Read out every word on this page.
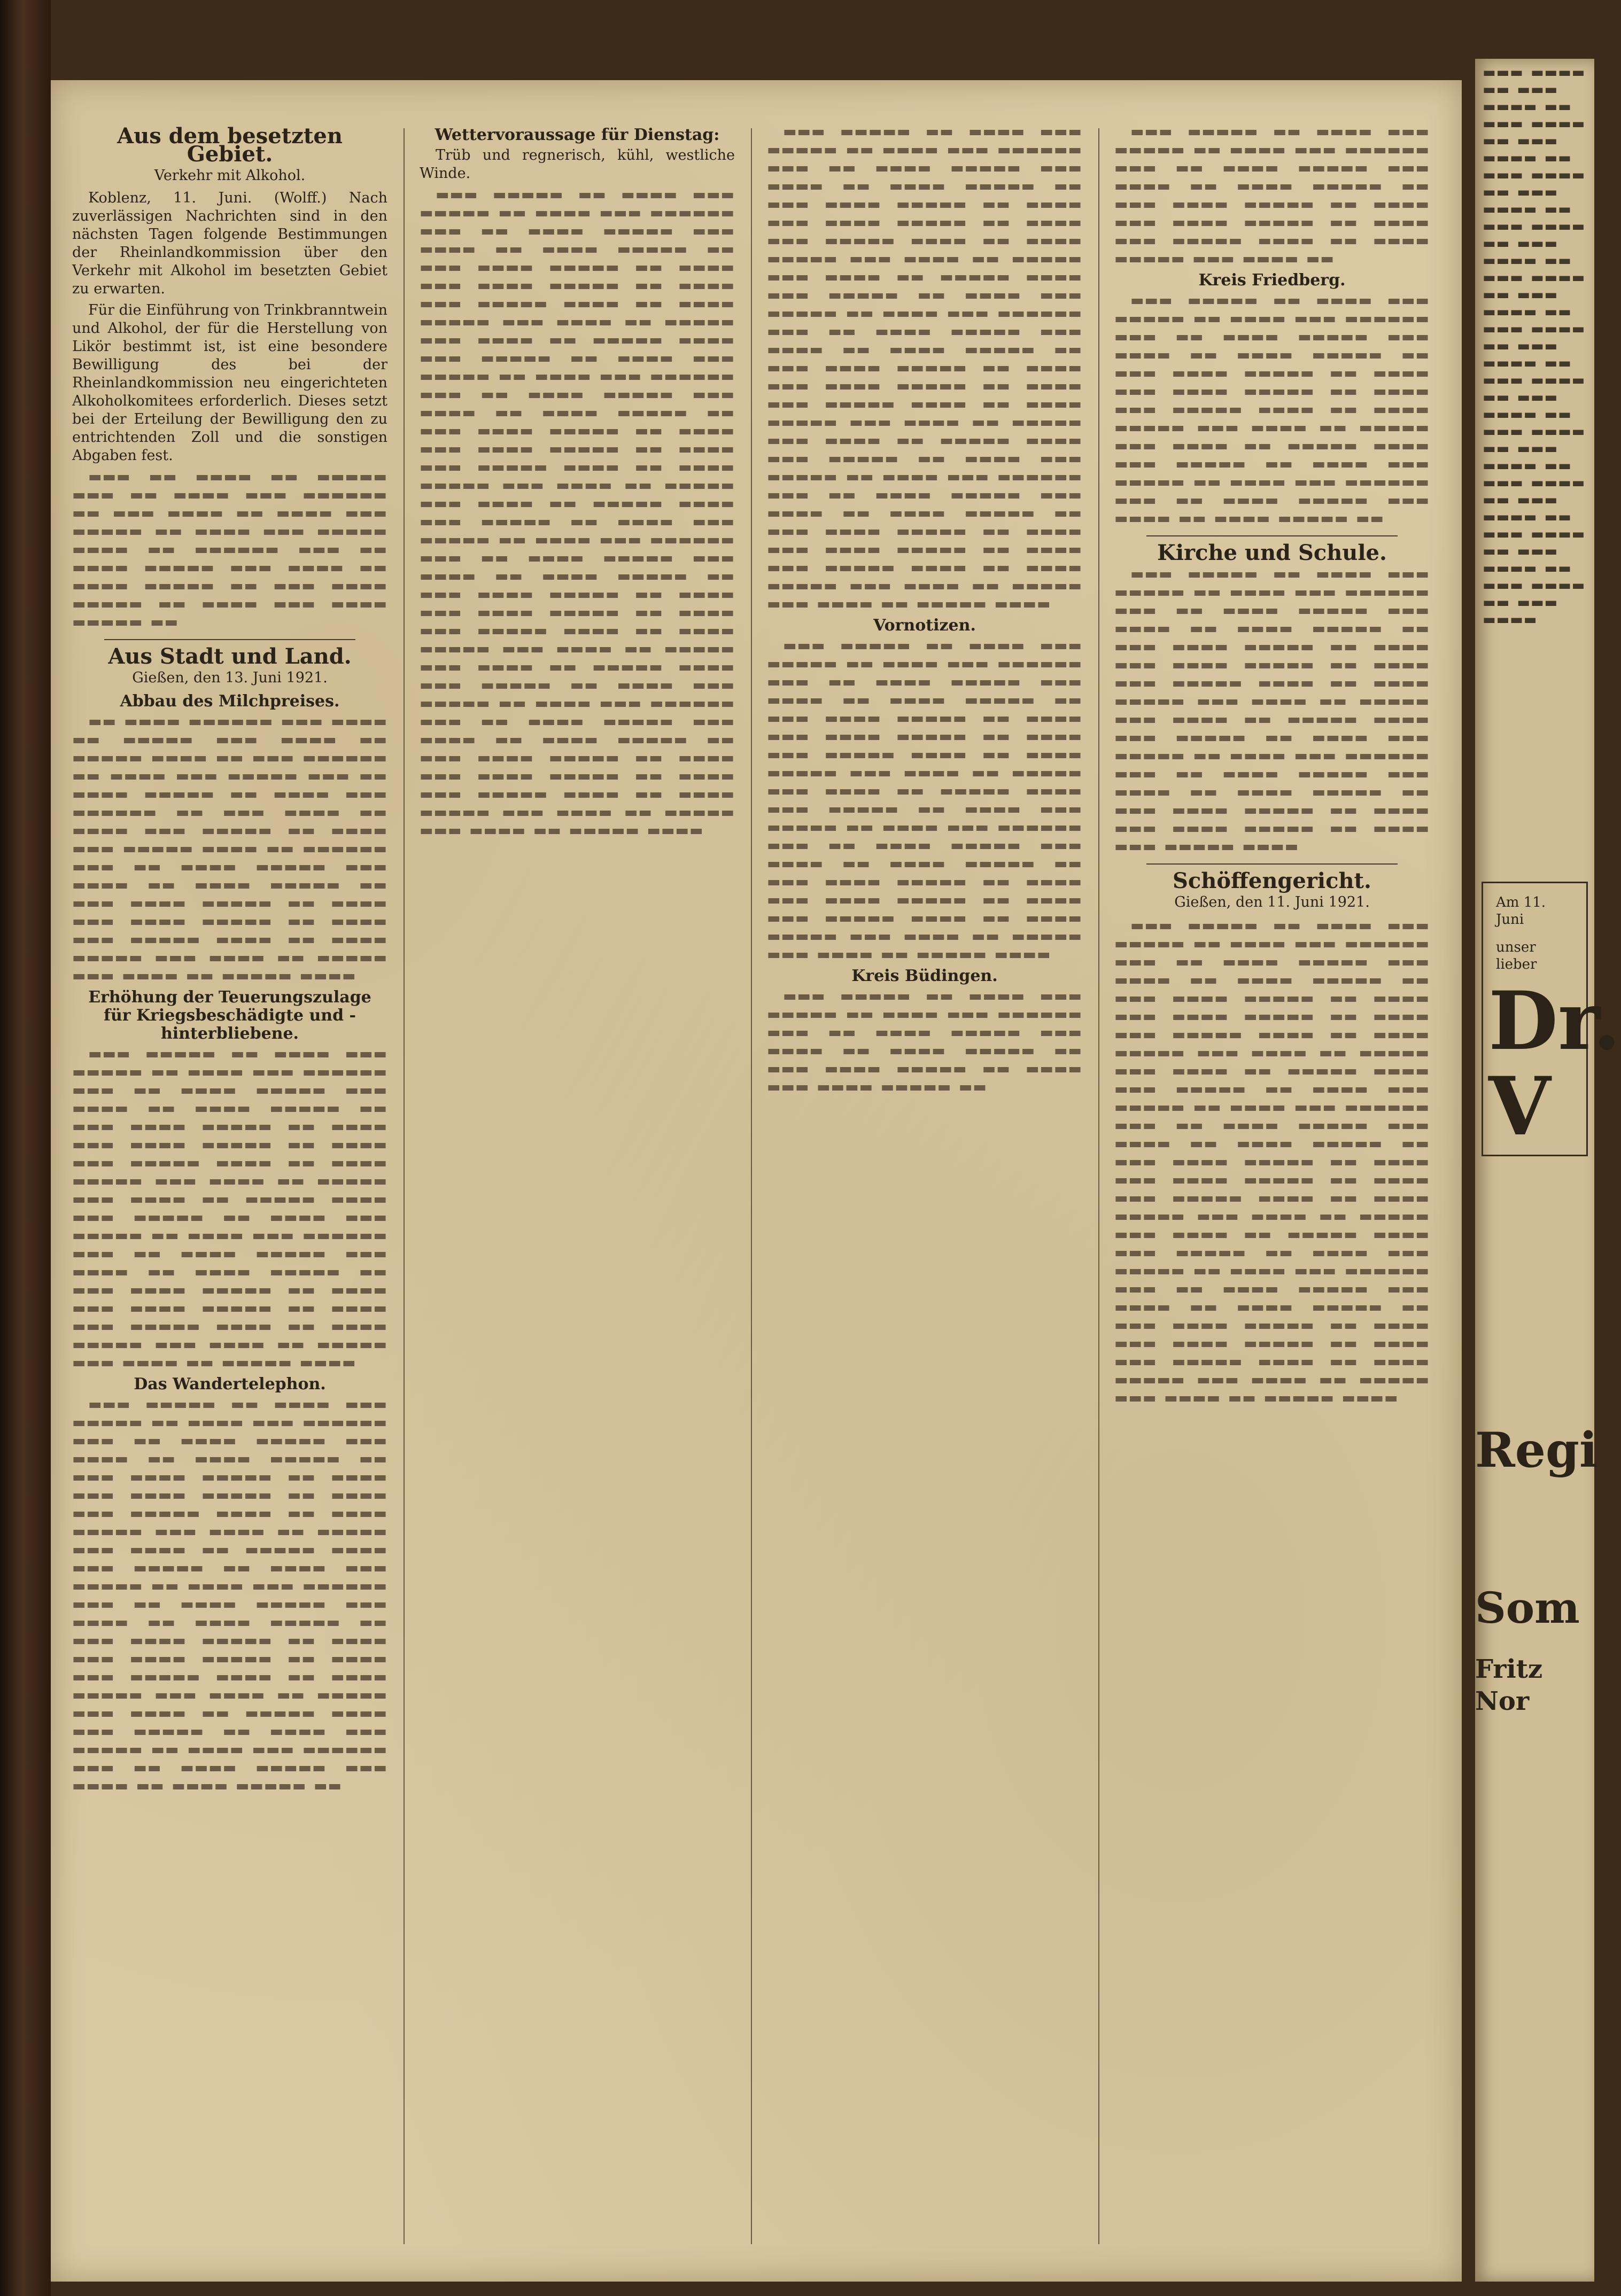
Aus dem besetzten Gebiet.
Verkehr mit Alkohol.

Koblenz, 11. Juni. (Wolff.) Nach zuverlässigen Nachrichten sind in den nächsten Tagen folgende Bestimmungen der Rheinlandkommission über den Verkehr mit Alkohol im besetzten Gebiet zu erwarten.

Für die Einführung von Trinkbranntwein und Alkohol, der für die Herstellung von Likör bestimmt ist, ist eine besondere Bewilligung des bei der Rheinlandkommission neu eingerichteten Alkoholkomitees erforderlich. Dieses setzt bei der Erteilung der Bewilligung den zu entrichtenden Zoll und die sonstigen Abgaben fest.

▬▬▬ ▬▬ ▬▬▬▬ ▬▬ ▬▬▬▬▬ ▬▬▬ ▬▬ ▬▬▬▬ ▬▬▬ ▬▬▬▬▬▬ ▬▬ ▬▬▬ ▬▬▬▬ ▬▬ ▬▬▬▬ ▬▬▬ ▬▬▬▬▬ ▬▬ ▬▬▬▬ ▬▬▬ ▬▬▬▬▬ ▬▬▬▬ ▬▬ ▬▬▬▬▬▬ ▬▬▬ ▬▬ ▬▬▬▬ ▬▬▬▬▬ ▬▬▬ ▬▬▬▬ ▬▬ ▬▬▬▬ ▬▬▬▬▬ ▬▬ ▬▬▬ ▬▬▬▬ ▬▬▬▬▬ ▬▬ ▬▬▬▬ ▬▬▬ ▬▬▬▬ ▬▬▬▬▬ ▬▬

Aus Stadt und Land.
Gießen, den 13. Juni 1921.
Abbau des Milchpreises.

▬▬ ▬▬▬▬ ▬▬▬▬▬▬ ▬▬▬ ▬▬▬▬ ▬▬ ▬▬▬▬▬ ▬▬▬ ▬▬▬▬ ▬▬ ▬▬▬▬▬ ▬▬▬▬ ▬▬ ▬▬▬ ▬▬▬▬▬▬ ▬▬ ▬▬▬▬ ▬▬▬ ▬▬▬▬▬ ▬▬▬ ▬▬ ▬▬▬▬ ▬▬▬▬▬ ▬▬ ▬▬▬▬ ▬▬▬ ▬▬▬▬▬▬ ▬▬ ▬▬▬ ▬▬▬▬ ▬▬ ▬▬▬▬ ▬▬▬ ▬▬▬▬▬ ▬▬ ▬▬▬▬ ▬▬▬ ▬▬▬▬▬ ▬▬▬▬ ▬▬ ▬▬▬▬▬▬ ▬▬▬ ▬▬ ▬▬▬▬ ▬▬▬▬▬ ▬▬▬ ▬▬▬▬ ▬▬ ▬▬▬▬ ▬▬▬▬▬ ▬▬ ▬▬▬ ▬▬▬▬ ▬▬▬▬▬ ▬▬ ▬▬▬▬ ▬▬▬ ▬▬▬▬ ▬▬▬▬▬ ▬▬ ▬▬▬▬ ▬▬▬ ▬▬▬▬▬ ▬▬▬▬ ▬▬ ▬▬▬▬ ▬▬▬▬▬ ▬▬▬ ▬▬▬▬ ▬▬ ▬▬▬▬▬ ▬▬▬ ▬▬▬▬ ▬▬ ▬▬▬▬▬ ▬▬▬▬

Erhöhung der Teuerungszulage für Kriegsbeschädigte und -hinterbliebene.

▬▬▬ ▬▬▬▬▬ ▬▬ ▬▬▬▬ ▬▬▬ ▬▬▬▬▬ ▬▬ ▬▬▬▬ ▬▬▬ ▬▬▬▬▬▬ ▬▬▬ ▬▬ ▬▬▬▬ ▬▬▬▬▬ ▬▬▬ ▬▬▬▬ ▬▬ ▬▬▬▬ ▬▬▬▬▬ ▬▬ ▬▬▬ ▬▬▬▬ ▬▬▬▬▬ ▬▬ ▬▬▬▬ ▬▬▬ ▬▬▬▬ ▬▬▬▬▬ ▬▬ ▬▬▬▬ ▬▬▬ ▬▬▬▬▬ ▬▬▬▬ ▬▬ ▬▬▬▬ ▬▬▬▬▬ ▬▬▬ ▬▬▬▬ ▬▬ ▬▬▬▬▬ ▬▬▬ ▬▬▬▬ ▬▬ ▬▬▬▬▬ ▬▬▬▬ ▬▬▬ ▬▬▬▬▬ ▬▬ ▬▬▬▬ ▬▬▬ ▬▬▬▬▬ ▬▬ ▬▬▬▬ ▬▬▬ ▬▬▬▬▬▬ ▬▬▬ ▬▬ ▬▬▬▬ ▬▬▬▬▬ ▬▬▬ ▬▬▬▬ ▬▬ ▬▬▬▬ ▬▬▬▬▬ ▬▬ ▬▬▬ ▬▬▬▬ ▬▬▬▬▬ ▬▬ ▬▬▬▬ ▬▬▬ ▬▬▬▬ ▬▬▬▬▬ ▬▬ ▬▬▬▬ ▬▬▬ ▬▬▬▬▬ ▬▬▬▬ ▬▬ ▬▬▬▬ ▬▬▬▬▬ ▬▬▬ ▬▬▬▬ ▬▬ ▬▬▬▬▬ ▬▬▬ ▬▬▬▬ ▬▬ ▬▬▬▬▬ ▬▬▬▬

Das Wandertelephon.

▬▬▬ ▬▬▬▬▬ ▬▬ ▬▬▬▬ ▬▬▬ ▬▬▬▬▬ ▬▬ ▬▬▬▬ ▬▬▬ ▬▬▬▬▬▬ ▬▬▬ ▬▬ ▬▬▬▬ ▬▬▬▬▬ ▬▬▬ ▬▬▬▬ ▬▬ ▬▬▬▬ ▬▬▬▬▬ ▬▬ ▬▬▬ ▬▬▬▬ ▬▬▬▬▬ ▬▬ ▬▬▬▬ ▬▬▬ ▬▬▬▬ ▬▬▬▬▬ ▬▬ ▬▬▬▬ ▬▬▬ ▬▬▬▬▬ ▬▬▬▬ ▬▬ ▬▬▬▬ ▬▬▬▬▬ ▬▬▬ ▬▬▬▬ ▬▬ ▬▬▬▬▬ ▬▬▬ ▬▬▬▬ ▬▬ ▬▬▬▬▬ ▬▬▬▬ ▬▬▬ ▬▬▬▬▬ ▬▬ ▬▬▬▬ ▬▬▬ ▬▬▬▬▬ ▬▬ ▬▬▬▬ ▬▬▬ ▬▬▬▬▬▬ ▬▬▬ ▬▬ ▬▬▬▬ ▬▬▬▬▬ ▬▬▬ ▬▬▬▬ ▬▬ ▬▬▬▬ ▬▬▬▬▬ ▬▬ ▬▬▬ ▬▬▬▬ ▬▬▬▬▬ ▬▬ ▬▬▬▬ ▬▬▬ ▬▬▬▬ ▬▬▬▬▬ ▬▬ ▬▬▬▬ ▬▬▬ ▬▬▬▬▬ ▬▬▬▬ ▬▬ ▬▬▬▬ ▬▬▬▬▬ ▬▬▬ ▬▬▬▬ ▬▬ ▬▬▬▬▬ ▬▬▬ ▬▬▬▬ ▬▬ ▬▬▬▬▬ ▬▬▬▬ ▬▬▬ ▬▬▬▬▬ ▬▬ ▬▬▬▬ ▬▬▬ ▬▬▬▬▬ ▬▬ ▬▬▬▬ ▬▬▬ ▬▬▬▬▬▬ ▬▬▬ ▬▬ ▬▬▬▬ ▬▬▬▬▬ ▬▬▬ ▬▬▬▬ ▬▬ ▬▬▬▬ ▬▬▬▬▬ ▬▬

Wettervoraussage für Dienstag:

Trüb und regnerisch, kühl, westliche Winde.

▬▬▬ ▬▬▬▬▬ ▬▬ ▬▬▬▬ ▬▬▬ ▬▬▬▬▬ ▬▬ ▬▬▬▬ ▬▬▬ ▬▬▬▬▬▬ ▬▬▬ ▬▬ ▬▬▬▬ ▬▬▬▬▬ ▬▬▬ ▬▬▬▬ ▬▬ ▬▬▬▬ ▬▬▬▬▬ ▬▬ ▬▬▬ ▬▬▬▬ ▬▬▬▬▬ ▬▬ ▬▬▬▬ ▬▬▬ ▬▬▬▬ ▬▬▬▬▬ ▬▬ ▬▬▬▬ ▬▬▬ ▬▬▬▬▬ ▬▬▬▬ ▬▬ ▬▬▬▬ ▬▬▬▬▬ ▬▬▬ ▬▬▬▬ ▬▬ ▬▬▬▬▬ ▬▬▬ ▬▬▬▬ ▬▬ ▬▬▬▬▬ ▬▬▬▬ ▬▬▬ ▬▬▬▬▬ ▬▬ ▬▬▬▬ ▬▬▬ ▬▬▬▬▬ ▬▬ ▬▬▬▬ ▬▬▬ ▬▬▬▬▬▬ ▬▬▬ ▬▬ ▬▬▬▬ ▬▬▬▬▬ ▬▬▬ ▬▬▬▬ ▬▬ ▬▬▬▬ ▬▬▬▬▬ ▬▬ ▬▬▬ ▬▬▬▬ ▬▬▬▬▬ ▬▬ ▬▬▬▬ ▬▬▬ ▬▬▬▬ ▬▬▬▬▬ ▬▬ ▬▬▬▬ ▬▬▬ ▬▬▬▬▬ ▬▬▬▬ ▬▬ ▬▬▬▬ ▬▬▬▬▬ ▬▬▬ ▬▬▬▬ ▬▬ ▬▬▬▬▬ ▬▬▬ ▬▬▬▬ ▬▬ ▬▬▬▬▬ ▬▬▬▬ ▬▬▬ ▬▬▬▬▬ ▬▬ ▬▬▬▬ ▬▬▬ ▬▬▬▬▬ ▬▬ ▬▬▬▬ ▬▬▬ ▬▬▬▬▬▬ ▬▬▬ ▬▬ ▬▬▬▬ ▬▬▬▬▬ ▬▬▬ ▬▬▬▬ ▬▬ ▬▬▬▬ ▬▬▬▬▬ ▬▬ ▬▬▬ ▬▬▬▬ ▬▬▬▬▬ ▬▬ ▬▬▬▬ ▬▬▬ ▬▬▬▬ ▬▬▬▬▬ ▬▬ ▬▬▬▬ ▬▬▬ ▬▬▬▬▬ ▬▬▬▬ ▬▬ ▬▬▬▬ ▬▬▬▬▬ ▬▬▬ ▬▬▬▬ ▬▬ ▬▬▬▬▬ ▬▬▬ ▬▬▬▬ ▬▬ ▬▬▬▬▬ ▬▬▬▬ ▬▬▬ ▬▬▬▬▬ ▬▬ ▬▬▬▬ ▬▬▬ ▬▬▬▬▬ ▬▬ ▬▬▬▬ ▬▬▬ ▬▬▬▬▬▬ ▬▬▬ ▬▬ ▬▬▬▬ ▬▬▬▬▬ ▬▬▬ ▬▬▬▬ ▬▬ ▬▬▬▬ ▬▬▬▬▬ ▬▬ ▬▬▬ ▬▬▬▬ ▬▬▬▬▬ ▬▬ ▬▬▬▬ ▬▬▬ ▬▬▬▬ ▬▬▬▬▬ ▬▬ ▬▬▬▬ ▬▬▬ ▬▬▬▬▬ ▬▬▬▬ ▬▬ ▬▬▬▬ ▬▬▬▬▬ ▬▬▬ ▬▬▬▬ ▬▬ ▬▬▬▬▬ ▬▬▬ ▬▬▬▬ ▬▬ ▬▬▬▬▬ ▬▬▬▬

▬▬▬ ▬▬▬▬▬ ▬▬ ▬▬▬▬ ▬▬▬ ▬▬▬▬▬ ▬▬ ▬▬▬▬ ▬▬▬ ▬▬▬▬▬▬ ▬▬▬ ▬▬ ▬▬▬▬ ▬▬▬▬▬ ▬▬▬ ▬▬▬▬ ▬▬ ▬▬▬▬ ▬▬▬▬▬ ▬▬ ▬▬▬ ▬▬▬▬ ▬▬▬▬▬ ▬▬ ▬▬▬▬ ▬▬▬ ▬▬▬▬ ▬▬▬▬▬ ▬▬ ▬▬▬▬ ▬▬▬ ▬▬▬▬▬ ▬▬▬▬ ▬▬ ▬▬▬▬ ▬▬▬▬▬ ▬▬▬ ▬▬▬▬ ▬▬ ▬▬▬▬▬ ▬▬▬ ▬▬▬▬ ▬▬ ▬▬▬▬▬ ▬▬▬▬ ▬▬▬ ▬▬▬▬▬ ▬▬ ▬▬▬▬ ▬▬▬ ▬▬▬▬▬ ▬▬ ▬▬▬▬ ▬▬▬ ▬▬▬▬▬▬ ▬▬▬ ▬▬ ▬▬▬▬ ▬▬▬▬▬ ▬▬▬ ▬▬▬▬ ▬▬ ▬▬▬▬ ▬▬▬▬▬ ▬▬ ▬▬▬ ▬▬▬▬ ▬▬▬▬▬ ▬▬ ▬▬▬▬ ▬▬▬ ▬▬▬▬ ▬▬▬▬▬ ▬▬ ▬▬▬▬ ▬▬▬ ▬▬▬▬▬ ▬▬▬▬ ▬▬ ▬▬▬▬ ▬▬▬▬▬ ▬▬▬ ▬▬▬▬ ▬▬ ▬▬▬▬▬ ▬▬▬ ▬▬▬▬ ▬▬ ▬▬▬▬▬ ▬▬▬▬ ▬▬▬ ▬▬▬▬▬ ▬▬ ▬▬▬▬ ▬▬▬ ▬▬▬▬▬ ▬▬ ▬▬▬▬ ▬▬▬ ▬▬▬▬▬▬ ▬▬▬ ▬▬ ▬▬▬▬ ▬▬▬▬▬ ▬▬▬ ▬▬▬▬ ▬▬ ▬▬▬▬ ▬▬▬▬▬ ▬▬ ▬▬▬ ▬▬▬▬ ▬▬▬▬▬ ▬▬ ▬▬▬▬ ▬▬▬ ▬▬▬▬ ▬▬▬▬▬ ▬▬ ▬▬▬▬ ▬▬▬ ▬▬▬▬▬ ▬▬▬▬ ▬▬ ▬▬▬▬ ▬▬▬▬▬ ▬▬▬ ▬▬▬▬ ▬▬ ▬▬▬▬▬ ▬▬▬ ▬▬▬▬ ▬▬ ▬▬▬▬▬ ▬▬▬▬

Vornotizen.

▬▬▬ ▬▬▬▬▬ ▬▬ ▬▬▬▬ ▬▬▬ ▬▬▬▬▬ ▬▬ ▬▬▬▬ ▬▬▬ ▬▬▬▬▬▬ ▬▬▬ ▬▬ ▬▬▬▬ ▬▬▬▬▬ ▬▬▬ ▬▬▬▬ ▬▬ ▬▬▬▬ ▬▬▬▬▬ ▬▬ ▬▬▬ ▬▬▬▬ ▬▬▬▬▬ ▬▬ ▬▬▬▬ ▬▬▬ ▬▬▬▬ ▬▬▬▬▬ ▬▬ ▬▬▬▬ ▬▬▬ ▬▬▬▬▬ ▬▬▬▬ ▬▬ ▬▬▬▬ ▬▬▬▬▬ ▬▬▬ ▬▬▬▬ ▬▬ ▬▬▬▬▬ ▬▬▬ ▬▬▬▬ ▬▬ ▬▬▬▬▬ ▬▬▬▬ ▬▬▬ ▬▬▬▬▬ ▬▬ ▬▬▬▬ ▬▬▬ ▬▬▬▬▬ ▬▬ ▬▬▬▬ ▬▬▬ ▬▬▬▬▬▬ ▬▬▬ ▬▬ ▬▬▬▬ ▬▬▬▬▬ ▬▬▬ ▬▬▬▬ ▬▬ ▬▬▬▬ ▬▬▬▬▬ ▬▬ ▬▬▬ ▬▬▬▬ ▬▬▬▬▬ ▬▬ ▬▬▬▬ ▬▬▬ ▬▬▬▬ ▬▬▬▬▬ ▬▬ ▬▬▬▬ ▬▬▬ ▬▬▬▬▬ ▬▬▬▬ ▬▬ ▬▬▬▬ ▬▬▬▬▬ ▬▬▬ ▬▬▬▬ ▬▬ ▬▬▬▬▬ ▬▬▬ ▬▬▬▬ ▬▬ ▬▬▬▬▬ ▬▬▬▬

Kreis Büdingen.

▬▬▬ ▬▬▬▬▬ ▬▬ ▬▬▬▬ ▬▬▬ ▬▬▬▬▬ ▬▬ ▬▬▬▬ ▬▬▬ ▬▬▬▬▬▬ ▬▬▬ ▬▬ ▬▬▬▬ ▬▬▬▬▬ ▬▬▬ ▬▬▬▬ ▬▬ ▬▬▬▬ ▬▬▬▬▬ ▬▬ ▬▬▬ ▬▬▬▬ ▬▬▬▬▬ ▬▬ ▬▬▬▬ ▬▬▬ ▬▬▬▬ ▬▬▬▬▬ ▬▬

▬▬▬ ▬▬▬▬▬ ▬▬ ▬▬▬▬ ▬▬▬ ▬▬▬▬▬ ▬▬ ▬▬▬▬ ▬▬▬ ▬▬▬▬▬▬ ▬▬▬ ▬▬ ▬▬▬▬ ▬▬▬▬▬ ▬▬▬ ▬▬▬▬ ▬▬ ▬▬▬▬ ▬▬▬▬▬ ▬▬ ▬▬▬ ▬▬▬▬ ▬▬▬▬▬ ▬▬ ▬▬▬▬ ▬▬▬ ▬▬▬▬ ▬▬▬▬▬ ▬▬ ▬▬▬▬ ▬▬▬ ▬▬▬▬▬ ▬▬▬▬ ▬▬ ▬▬▬▬ ▬▬▬▬▬ ▬▬▬ ▬▬▬▬ ▬▬

Kreis Friedberg.

▬▬▬ ▬▬▬▬▬ ▬▬ ▬▬▬▬ ▬▬▬ ▬▬▬▬▬ ▬▬ ▬▬▬▬ ▬▬▬ ▬▬▬▬▬▬ ▬▬▬ ▬▬ ▬▬▬▬ ▬▬▬▬▬ ▬▬▬ ▬▬▬▬ ▬▬ ▬▬▬▬ ▬▬▬▬▬ ▬▬ ▬▬▬ ▬▬▬▬ ▬▬▬▬▬ ▬▬ ▬▬▬▬ ▬▬▬ ▬▬▬▬ ▬▬▬▬▬ ▬▬ ▬▬▬▬ ▬▬▬ ▬▬▬▬▬ ▬▬▬▬ ▬▬ ▬▬▬▬ ▬▬▬▬▬ ▬▬▬ ▬▬▬▬ ▬▬ ▬▬▬▬▬ ▬▬▬ ▬▬▬▬ ▬▬ ▬▬▬▬▬ ▬▬▬▬ ▬▬▬ ▬▬▬▬▬ ▬▬ ▬▬▬▬ ▬▬▬ ▬▬▬▬▬ ▬▬ ▬▬▬▬ ▬▬▬ ▬▬▬▬▬▬ ▬▬▬ ▬▬ ▬▬▬▬ ▬▬▬▬▬ ▬▬▬ ▬▬▬▬ ▬▬ ▬▬▬▬ ▬▬▬▬▬ ▬▬

Kirche und Schule.

▬▬▬ ▬▬▬▬▬ ▬▬ ▬▬▬▬ ▬▬▬ ▬▬▬▬▬ ▬▬ ▬▬▬▬ ▬▬▬ ▬▬▬▬▬▬ ▬▬▬ ▬▬ ▬▬▬▬ ▬▬▬▬▬ ▬▬▬ ▬▬▬▬ ▬▬ ▬▬▬▬ ▬▬▬▬▬ ▬▬ ▬▬▬ ▬▬▬▬ ▬▬▬▬▬ ▬▬ ▬▬▬▬ ▬▬▬ ▬▬▬▬ ▬▬▬▬▬ ▬▬ ▬▬▬▬ ▬▬▬ ▬▬▬▬▬ ▬▬▬▬ ▬▬ ▬▬▬▬ ▬▬▬▬▬ ▬▬▬ ▬▬▬▬ ▬▬ ▬▬▬▬▬ ▬▬▬ ▬▬▬▬ ▬▬ ▬▬▬▬▬ ▬▬▬▬ ▬▬▬ ▬▬▬▬▬ ▬▬ ▬▬▬▬ ▬▬▬ ▬▬▬▬▬ ▬▬ ▬▬▬▬ ▬▬▬ ▬▬▬▬▬▬ ▬▬▬ ▬▬ ▬▬▬▬ ▬▬▬▬▬ ▬▬▬ ▬▬▬▬ ▬▬ ▬▬▬▬ ▬▬▬▬▬ ▬▬ ▬▬▬ ▬▬▬▬ ▬▬▬▬▬ ▬▬ ▬▬▬▬ ▬▬▬ ▬▬▬▬ ▬▬▬▬▬ ▬▬ ▬▬▬▬ ▬▬▬ ▬▬▬▬▬ ▬▬▬▬

Schöffengericht.
Gießen, den 11. Juni 1921.

▬▬▬ ▬▬▬▬▬ ▬▬ ▬▬▬▬ ▬▬▬ ▬▬▬▬▬ ▬▬ ▬▬▬▬ ▬▬▬ ▬▬▬▬▬▬ ▬▬▬ ▬▬ ▬▬▬▬ ▬▬▬▬▬ ▬▬▬ ▬▬▬▬ ▬▬ ▬▬▬▬ ▬▬▬▬▬ ▬▬ ▬▬▬ ▬▬▬▬ ▬▬▬▬▬ ▬▬ ▬▬▬▬ ▬▬▬ ▬▬▬▬ ▬▬▬▬▬ ▬▬ ▬▬▬▬ ▬▬▬ ▬▬▬▬▬ ▬▬▬▬ ▬▬ ▬▬▬▬ ▬▬▬▬▬ ▬▬▬ ▬▬▬▬ ▬▬ ▬▬▬▬▬ ▬▬▬ ▬▬▬▬ ▬▬ ▬▬▬▬▬ ▬▬▬▬ ▬▬▬ ▬▬▬▬▬ ▬▬ ▬▬▬▬ ▬▬▬ ▬▬▬▬▬ ▬▬ ▬▬▬▬ ▬▬▬ ▬▬▬▬▬▬ ▬▬▬ ▬▬ ▬▬▬▬ ▬▬▬▬▬ ▬▬▬ ▬▬▬▬ ▬▬ ▬▬▬▬ ▬▬▬▬▬ ▬▬ ▬▬▬ ▬▬▬▬ ▬▬▬▬▬ ▬▬ ▬▬▬▬ ▬▬▬ ▬▬▬▬ ▬▬▬▬▬ ▬▬ ▬▬▬▬ ▬▬▬ ▬▬▬▬▬ ▬▬▬▬ ▬▬ ▬▬▬▬ ▬▬▬▬▬ ▬▬▬ ▬▬▬▬ ▬▬ ▬▬▬▬▬ ▬▬▬ ▬▬▬▬ ▬▬ ▬▬▬▬▬ ▬▬▬▬ ▬▬▬ ▬▬▬▬▬ ▬▬ ▬▬▬▬ ▬▬▬ ▬▬▬▬▬ ▬▬ ▬▬▬▬ ▬▬▬ ▬▬▬▬▬▬ ▬▬▬ ▬▬ ▬▬▬▬ ▬▬▬▬▬ ▬▬▬ ▬▬▬▬ ▬▬ ▬▬▬▬ ▬▬▬▬▬ ▬▬ ▬▬▬ ▬▬▬▬ ▬▬▬▬▬ ▬▬ ▬▬▬▬ ▬▬▬ ▬▬▬▬ ▬▬▬▬▬ ▬▬ ▬▬▬▬ ▬▬▬ ▬▬▬▬▬ ▬▬▬▬ ▬▬ ▬▬▬▬ ▬▬▬▬▬ ▬▬▬ ▬▬▬▬ ▬▬ ▬▬▬▬▬ ▬▬▬ ▬▬▬▬ ▬▬ ▬▬▬▬▬ ▬▬▬▬

▬▬▬ ▬▬▬▬ ▬▬ ▬▬▬ ▬▬▬▬ ▬▬ ▬▬▬ ▬▬▬▬ ▬▬ ▬▬▬ ▬▬▬▬ ▬▬ ▬▬▬ ▬▬▬▬ ▬▬ ▬▬▬ ▬▬▬▬ ▬▬ ▬▬▬ ▬▬▬▬ ▬▬ ▬▬▬ ▬▬▬▬ ▬▬ ▬▬▬ ▬▬▬▬ ▬▬ ▬▬▬ ▬▬▬▬ ▬▬ ▬▬▬ ▬▬▬▬ ▬▬ ▬▬▬ ▬▬▬▬ ▬▬ ▬▬▬ ▬▬▬▬ ▬▬ ▬▬▬ ▬▬▬▬ ▬▬ ▬▬▬ ▬▬▬▬ ▬▬ ▬▬▬ ▬▬▬▬ ▬▬ ▬▬▬ ▬▬▬▬ ▬▬ ▬▬▬ ▬▬▬▬ ▬▬ ▬▬▬ ▬▬▬▬ ▬▬ ▬▬▬ ▬▬▬▬ ▬▬ ▬▬▬ ▬▬▬▬ ▬▬ ▬▬▬ ▬▬▬▬
Am 11. Juni
unser lieber
Dr. V
Regi
Som
Fritz Nor
